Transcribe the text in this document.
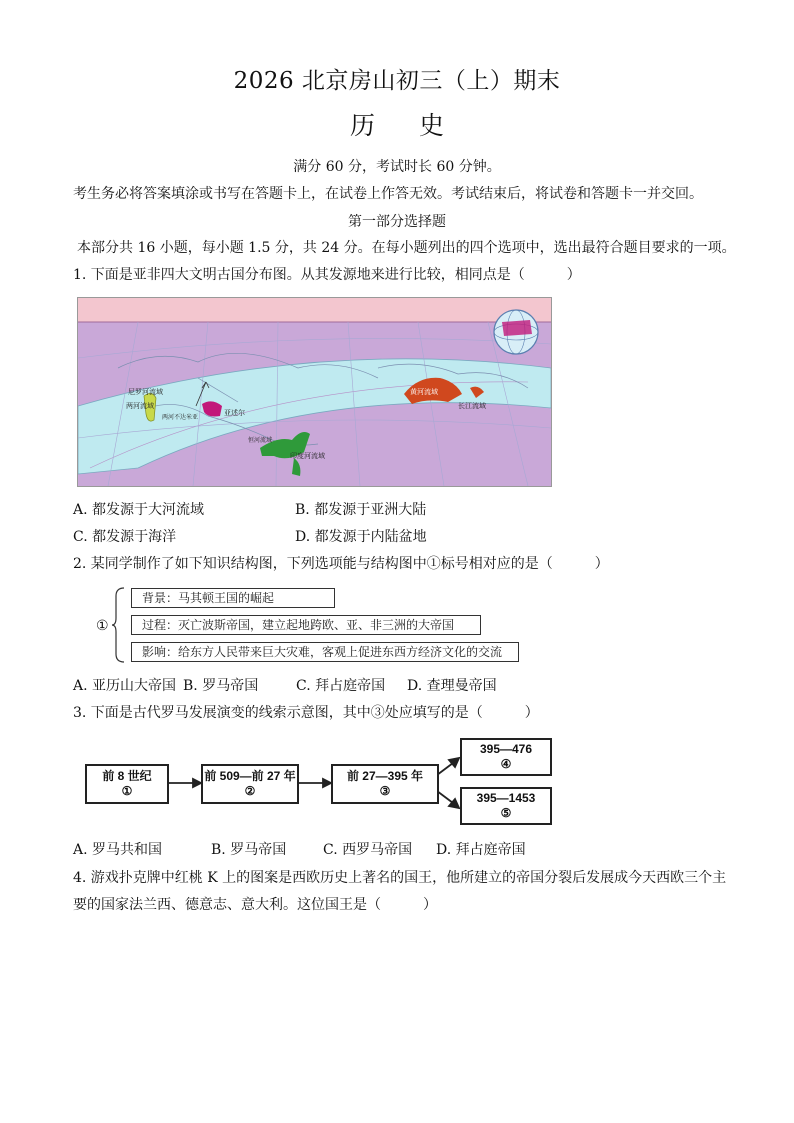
2026 北京房山初三（上）期末
历 史
满分 60 分，考试时长 60 分钟。
考生务必将答案填涂或书写在答题卡上，在试卷上作答无效。考试结束后，将试卷和答题卡一并交回。
第一部分选择题
本部分共 16 小题，每小题 1.5 分，共 24 分。在每小题列出的四个选项中，选出最符合题目要求的一项。
1. 下面是亚非四大文明古国分布图。从其发源地来进行比较，相同点是（　　　）
尼罗河流域
两河流域
两河不达米亚
亚述尔
恒河流域
印度河流域
黄河流域
长江流域
A. 都发源于大河流域	B. 都发源于亚洲大陆
C. 都发源于海洋	D. 都发源于内陆盆地
2. 某同学制作了如下知识结构图，下列选项能与结构图中①标号相对应的是（　　　）
①
背景：马其顿王国的崛起
过程：灭亡波斯帝国，建立起地跨欧、亚、非三洲的大帝国
影响：给东方人民带来巨大灾难，客观上促进东西方经济文化的交流
A. 亚历山大帝国 B. 罗马帝国	C. 拜占庭帝国 D. 查理曼帝国
3. 下面是古代罗马发展演变的线索示意图，其中③处应填写的是（　　　）
前 8 世纪
①
前 509—前 27 年
②
前 27—395 年
③
395—476
④
395—1453
⑤
A. 罗马共和国	B. 罗马帝国	C. 西罗马帝国 D. 拜占庭帝国
4. 游戏扑克牌中红桃 K 上的图案是西欧历史上著名的国王，他所建立的帝国分裂后发展成今天西欧三个主
要的国家法兰西、德意志、意大利。这位国王是（　　　）
